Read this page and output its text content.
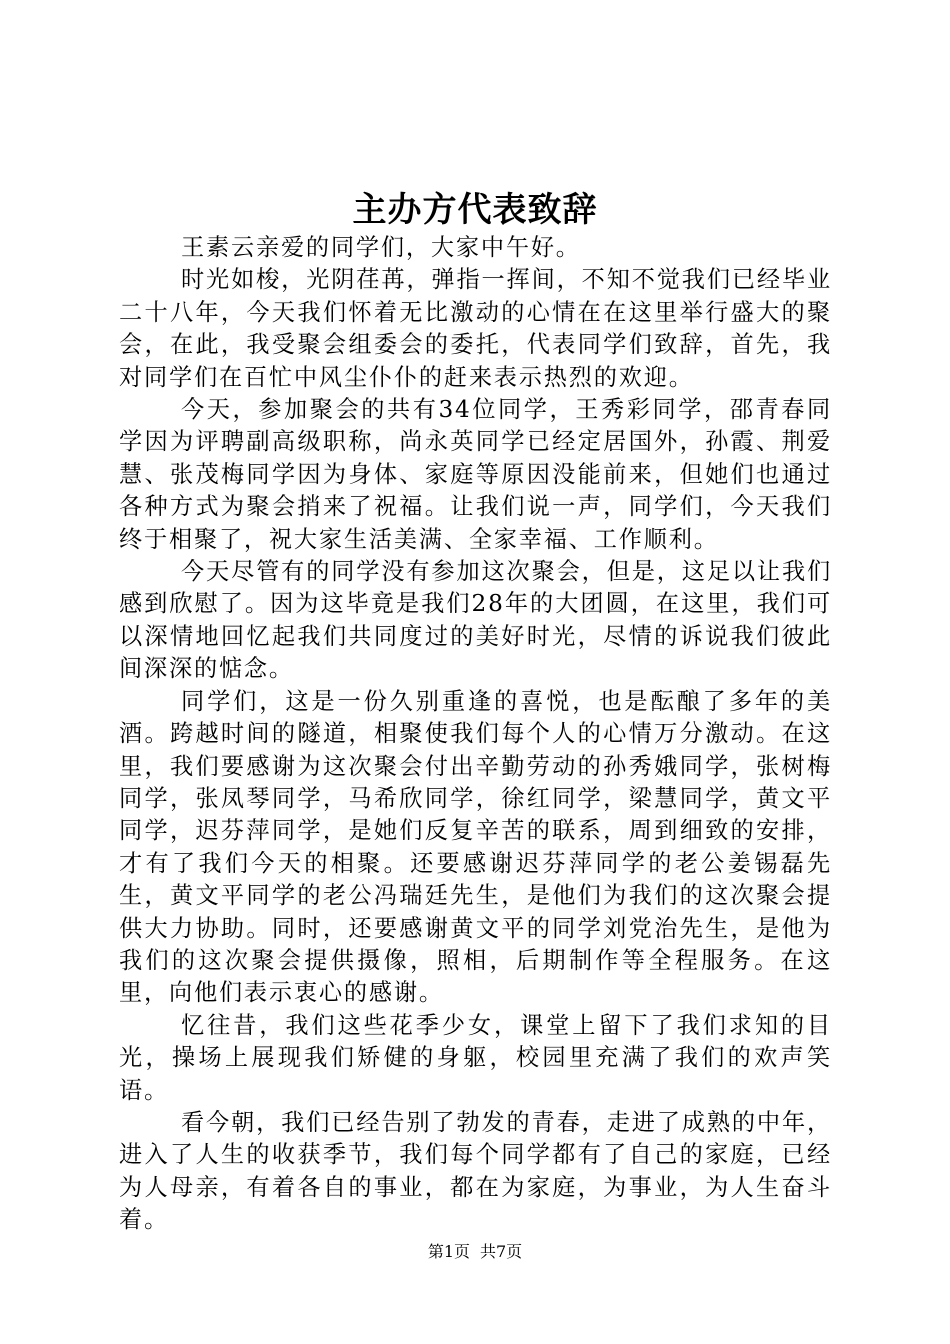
主办方代表致辞

王素云亲爱的同学们，大家中午好。

时光如梭，光阴荏苒，弹指一挥间，不知不觉我们已经毕业二十八年，今天我们怀着无比激动的心情在在这里举行盛大的聚会，在此，我受聚会组委会的委托，代表同学们致辞，首先，我对同学们在百忙中风尘仆仆的赶来表示热烈的欢迎。

今天，参加聚会的共有34位同学，王秀彩同学，邵青春同学因为评聘副高级职称，尚永英同学已经定居国外，孙霞、荆爱慧、张茂梅同学因为身体、家庭等原因没能前来，但她们也通过各种方式为聚会捎来了祝福。让我们说一声，同学们，今天我们终于相聚了，祝大家生活美满、全家幸福、工作顺利。

今天尽管有的同学没有参加这次聚会，但是，这足以让我们感到欣慰了。因为这毕竟是我们28年的大团圆，在这里，我们可以深情地回忆起我们共同度过的美好时光，尽情的诉说我们彼此间深深的惦念。

同学们，这是一份久别重逢的喜悦，也是酝酿了多年的美酒。跨越时间的隧道，相聚使我们每个人的心情万分激动。在这里，我们要感谢为这次聚会付出辛勤劳动的孙秀娥同学，张树梅同学，张凤琴同学，马希欣同学，徐红同学，梁慧同学，黄文平同学，迟芬萍同学，是她们反复辛苦的联系，周到细致的安排，才有了我们今天的相聚。还要感谢迟芬萍同学的老公姜锡磊先生，黄文平同学的老公冯瑞廷先生，是他们为我们的这次聚会提供大力协助。同时，还要感谢黄文平的同学刘党治先生，是他为我们的这次聚会提供摄像，照相，后期制作等全程服务。在这里，向他们表示衷心的感谢。

忆往昔，我们这些花季少女，课堂上留下了我们求知的目光，操场上展现我们矫健的身躯，校园里充满了我们的欢声笑语。

看今朝，我们已经告别了勃发的青春，走进了成熟的中年，进入了人生的收获季节，我们每个同学都有了自己的家庭，已经为人母亲，有着各自的事业，都在为家庭，为事业，为人生奋斗着。

第1页 共7页
